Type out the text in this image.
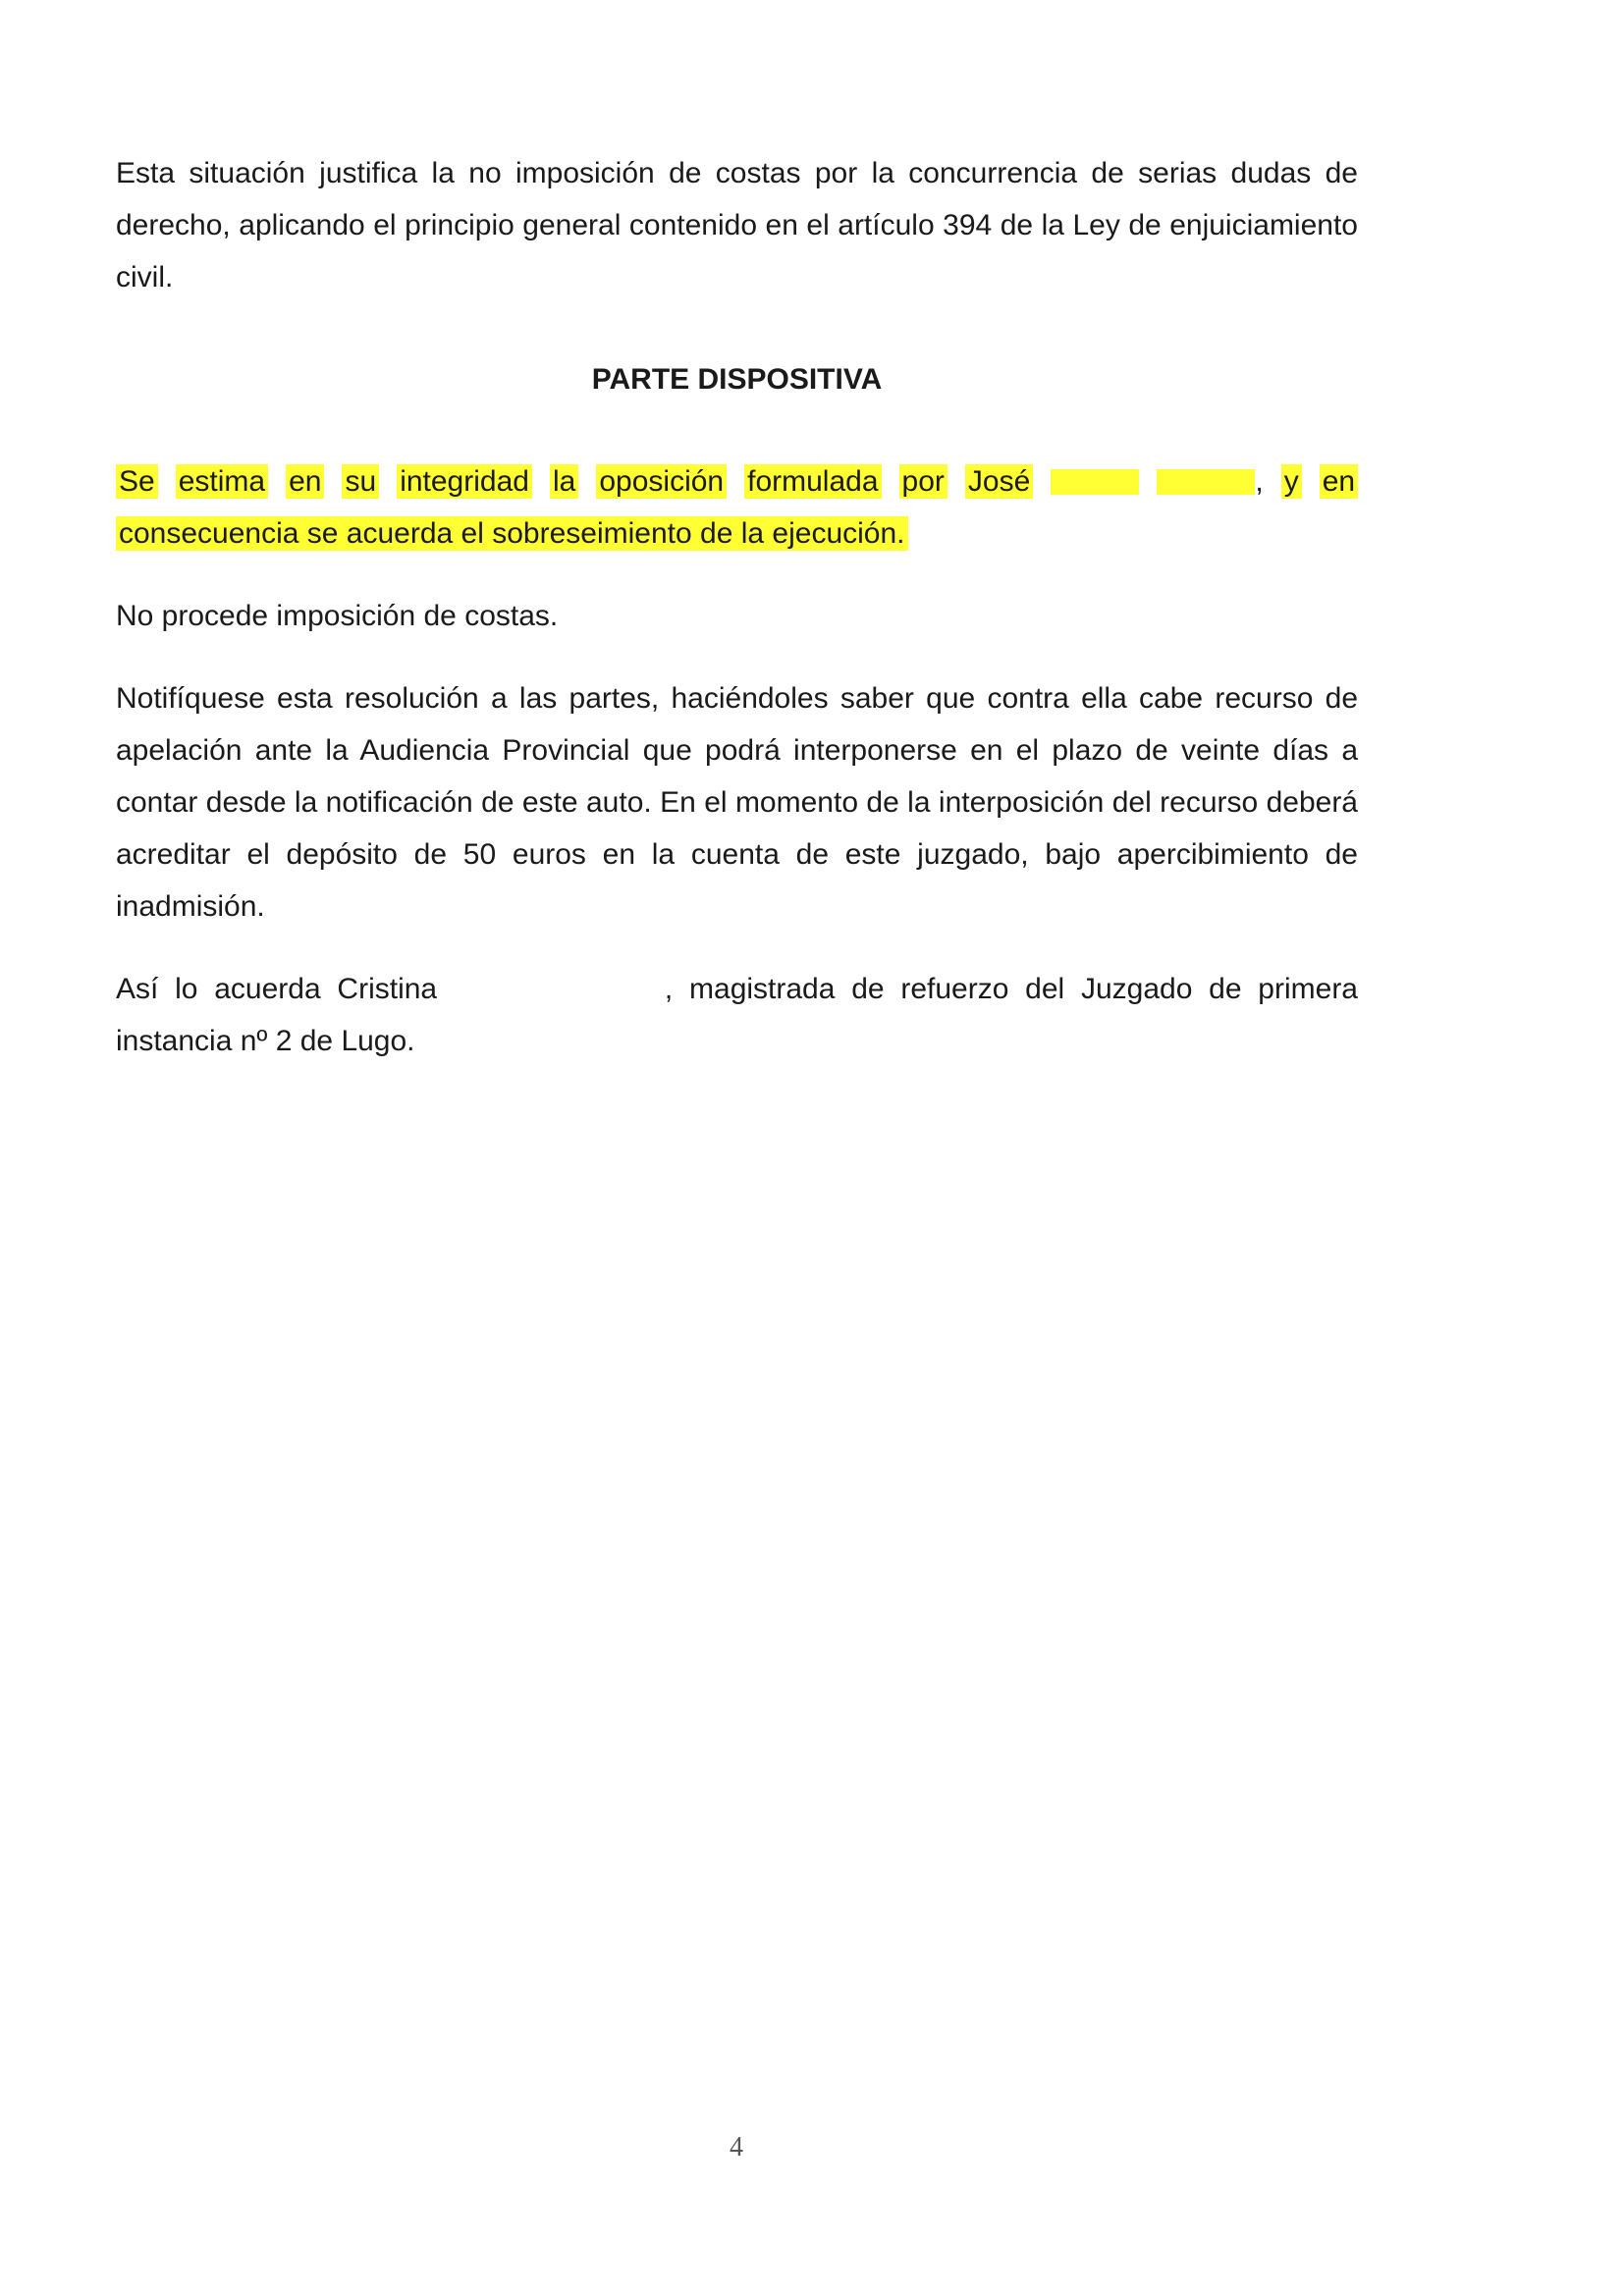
Esta situación justifica la no imposición de costas por la concurrencia de serias dudas de derecho, aplicando el principio general contenido en el artículo 394 de la Ley de enjuiciamiento civil.

PARTE DISPOSITIVA

Se estima en su integridad la oposición formulada por José	, y en consecuencia se acuerda el sobreseimiento de la ejecución.

No procede imposición de costas.

Notifíquese esta resolución a las partes, haciéndoles saber que contra ella cabe recurso de apelación ante la Audiencia Provincial que podrá interponerse en el plazo de veinte días a contar desde la notificación de este auto. En el momento de la interposición del recurso deberá acreditar el depósito de 50 euros en la cuenta de este juzgado, bajo apercibimiento de inadmisión.

Así lo acuerda Cristina	, magistrada de refuerzo del Juzgado de primera instancia nº 2 de Lugo.

4
